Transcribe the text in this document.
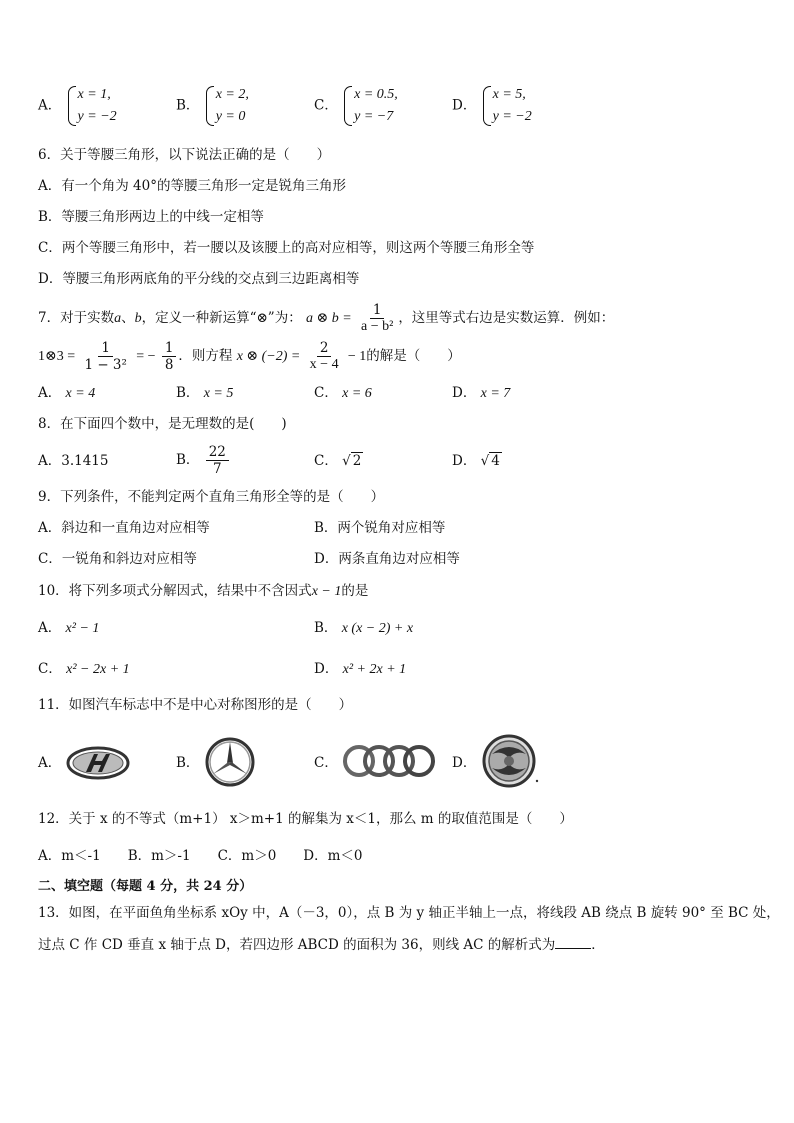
A．
x = 1,
y = −2
B．
x = 2,
y = 0
C．
x = 0.5,
y = −7
D．
x = 5,
y = −2
6．关于等腰三角形，以下说法正确的是（　　）
A．有一个角为 40°的等腰三角形一定是锐角三角形
B．等腰三角形两边上的中线一定相等
C．两个等腰三角形中，若一腰以及该腰上的高对应相等，则这两个等腰三角形全等
D．等腰三角形两底角的平分线的交点到三边距离相等
7．对于实数a、b，定义一种新运算“⊗”为： a ⊗ $b = \frac{1}{\text{a − b²}}$ ，这里等式右边是实数运算．例如：
1⊗3 = $\frac{1}{\text{1 − 3²}}$ = − $\frac{1}{8}$ ．则方程 x ⊗ $(-2) = \frac{2}{x - 4} - 1$的解是（　　）
A． x = 4	B． x = 5	C． x = 6	D． x = 7
8．在下面四个数中，是无理数的是(　　)
A．3.1415	B． $\frac{22}{7}$	C． √ 2	D． √ 4
9．下列条件，不能判定两个直角三角形全等的是（　　）
A．斜边和一直角边对应相等	B．两个锐角对应相等
C．一锐角和斜边对应相等	D．两条直角边对应相等
10．将下列多项式分解因式，结果中不含因式x − 1的是
A． x² − 1	B． x (x − 2) + x
C． x² − 2x + 1	D． x² + 2x + 1
11．如图汽车标志中不是中心对称图形的是（　　）
A．	B．	C．	D．
12．关于 x 的不等式（m+1） x＞m+1 的解集为 x＜1，那么 m 的取值范围是（　　）
A．m＜-1　　B．m＞-1　　C．m＞0　　D．m＜0
二、填空题（每题 4 分，共 24 分）
13．如图，在平面鱼角坐标系 xOy 中，A（－3，0），点 B 为 y 轴正半轴上一点，将线段 AB 绕点 B 旋转 90° 至 BC 处，
过点 C 作 CD 垂直 x 轴于点 D，若四边形 ABCD 的面积为 36，则线 AC 的解析式为	．
